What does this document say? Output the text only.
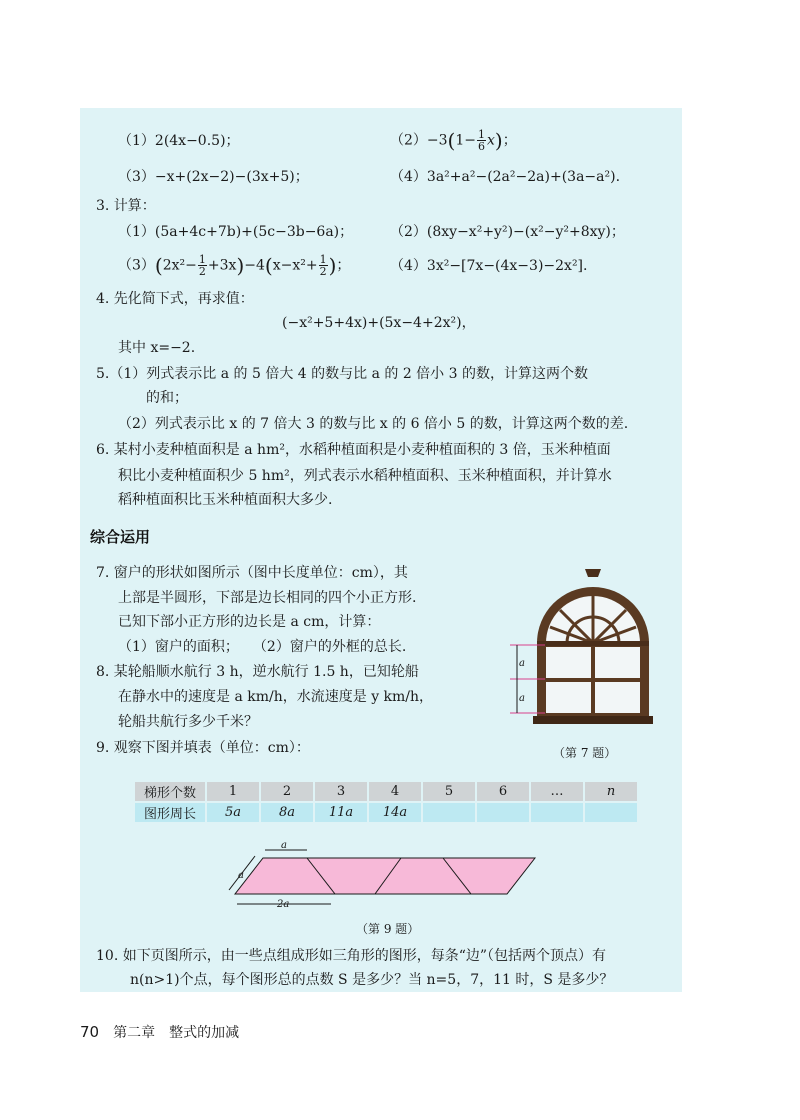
（1）2(4x−0.5)；	$(2)-3(1- \frac{1}{6} x)$；
（3）−x+(2x−2)−(3x+5)；	（4）3a²+a²−(2a²−2a)+(3a−a²).
3. 计算：
（1）(5a+4c+7b)+(5c−3b−6a)；	（2）(8xy−x²+y²)−(x²−y²+8xy)；
$(3)(2x^2- \frac{1}{2} +3x)-4(x-x^2+ \frac{1}{2}$ )；	（4）3x²−[7x−(4x−3)−2x²].
4. 先化简下式，再求值：
(−x²+5+4x)+(5x−4+2x²)，
其中 x=−2.
5.（1）列式表示比 a 的 5 倍大 4 的数与比 a 的 2 倍小 3 的数，计算这两个数
的和；
（2）列式表示比 x 的 7 倍大 3 的数与比 x 的 6 倍小 5 的数，计算这两个数的差.
6. 某村小麦种植面积是 a hm²，水稻种植面积是小麦种植面积的 3 倍，玉米种植面
积比小麦种植面积少 5 hm²，列式表示水稻种植面积、玉米种植面积，并计算水
稻种植面积比玉米种植面积大多少.
综合运用
7. 窗户的形状如图所示（图中长度单位：cm），其
上部是半圆形，下部是边长相同的四个小正方形.
已知下部小正方形的边长是 a cm，计算：
（1）窗户的面积；　　（2）窗户的外框的总长.
8. 某轮船顺水航行 3 h，逆水航行 1.5 h，已知轮船
在静水中的速度是 a km/h，水流速度是 y km/h，
轮船共航行多少千米？
9. 观察下图并填表（单位：cm）：
a
a
（第 7 题）
梯形个数	1	2	3	4	5	6	…	n
图形周长	5a	8a	11a	14a				
a
a
2a
（第 9 题）
10. 如下页图所示，由一些点组成形如三角形的图形，每条“边”（包括两个顶点）有
n(n>1)个点，每个图形总的点数 S 是多少？当 n=5，7，11 时，S 是多少？
70 第二章　整式的加减
